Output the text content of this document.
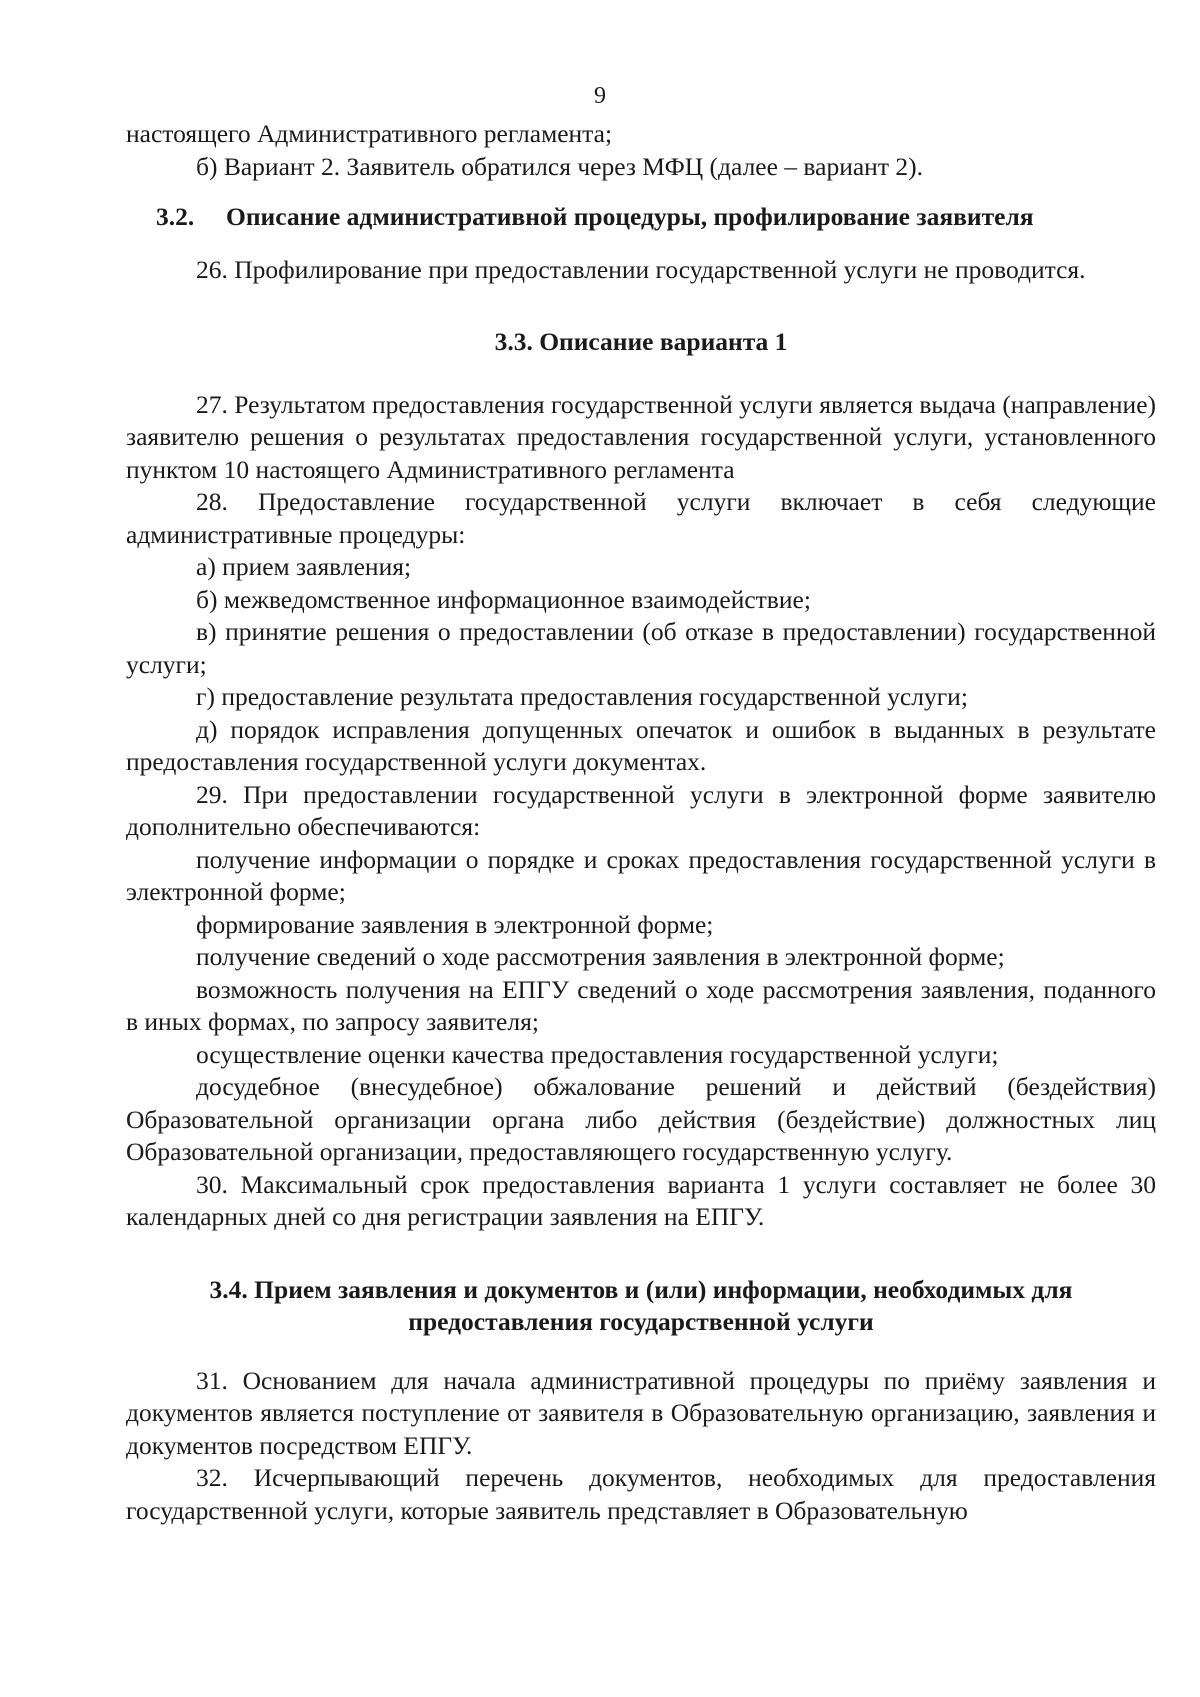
9

настоящего Административного регламента;

б) Вариант 2. Заявитель обратился через МФЦ (далее – вариант 2).

3.2. Описание административной процедуры, профилирование заявителя

26. Профилирование при предоставлении государственной услуги не проводится.

3.3. Описание варианта 1

27. Результатом предоставления государственной услуги является выдача (направление) заявителю решения о результатах предоставления государственной услуги, установленного пунктом 10 настоящего Административного регламента

28. Предоставление государственной услуги включает в себя следующие административные процедуры:

а) прием заявления;

б) межведомственное информационное взаимодействие;

в) принятие решения о предоставлении (об отказе в предоставлении) государственной услуги;

г) предоставление результата предоставления государственной услуги;

д) порядок исправления допущенных опечаток и ошибок в выданных в результате предоставления государственной услуги документах.

29. При предоставлении государственной услуги в электронной форме заявителю дополнительно обеспечиваются:

получение информации о порядке и сроках предоставления государственной услуги в электронной форме;

формирование заявления в электронной форме;

получение сведений о ходе рассмотрения заявления в электронной форме;

возможность получения на ЕПГУ сведений о ходе рассмотрения заявления, поданного в иных формах, по запросу заявителя;

осуществление оценки качества предоставления государственной услуги;

досудебное (внесудебное) обжалование решений и действий (бездействия) Образовательной организации органа либо действия (бездействие) должностных лиц Образовательной организации, предоставляющего государственную услугу.

30. Максимальный срок предоставления варианта 1 услуги составляет не более 30 календарных дней со дня регистрации заявления на ЕПГУ.

3.4. Прием заявления и документов и (или) информации, необходимых для
предоставления государственной услуги

31. Основанием для начала административной процедуры по приёму заявления и документов является поступление от заявителя в Образовательную организацию, заявления и документов посредством ЕПГУ.

32. Исчерпывающий перечень документов, необходимых для предоставления государственной услуги, которые заявитель представляет в Образовательную
